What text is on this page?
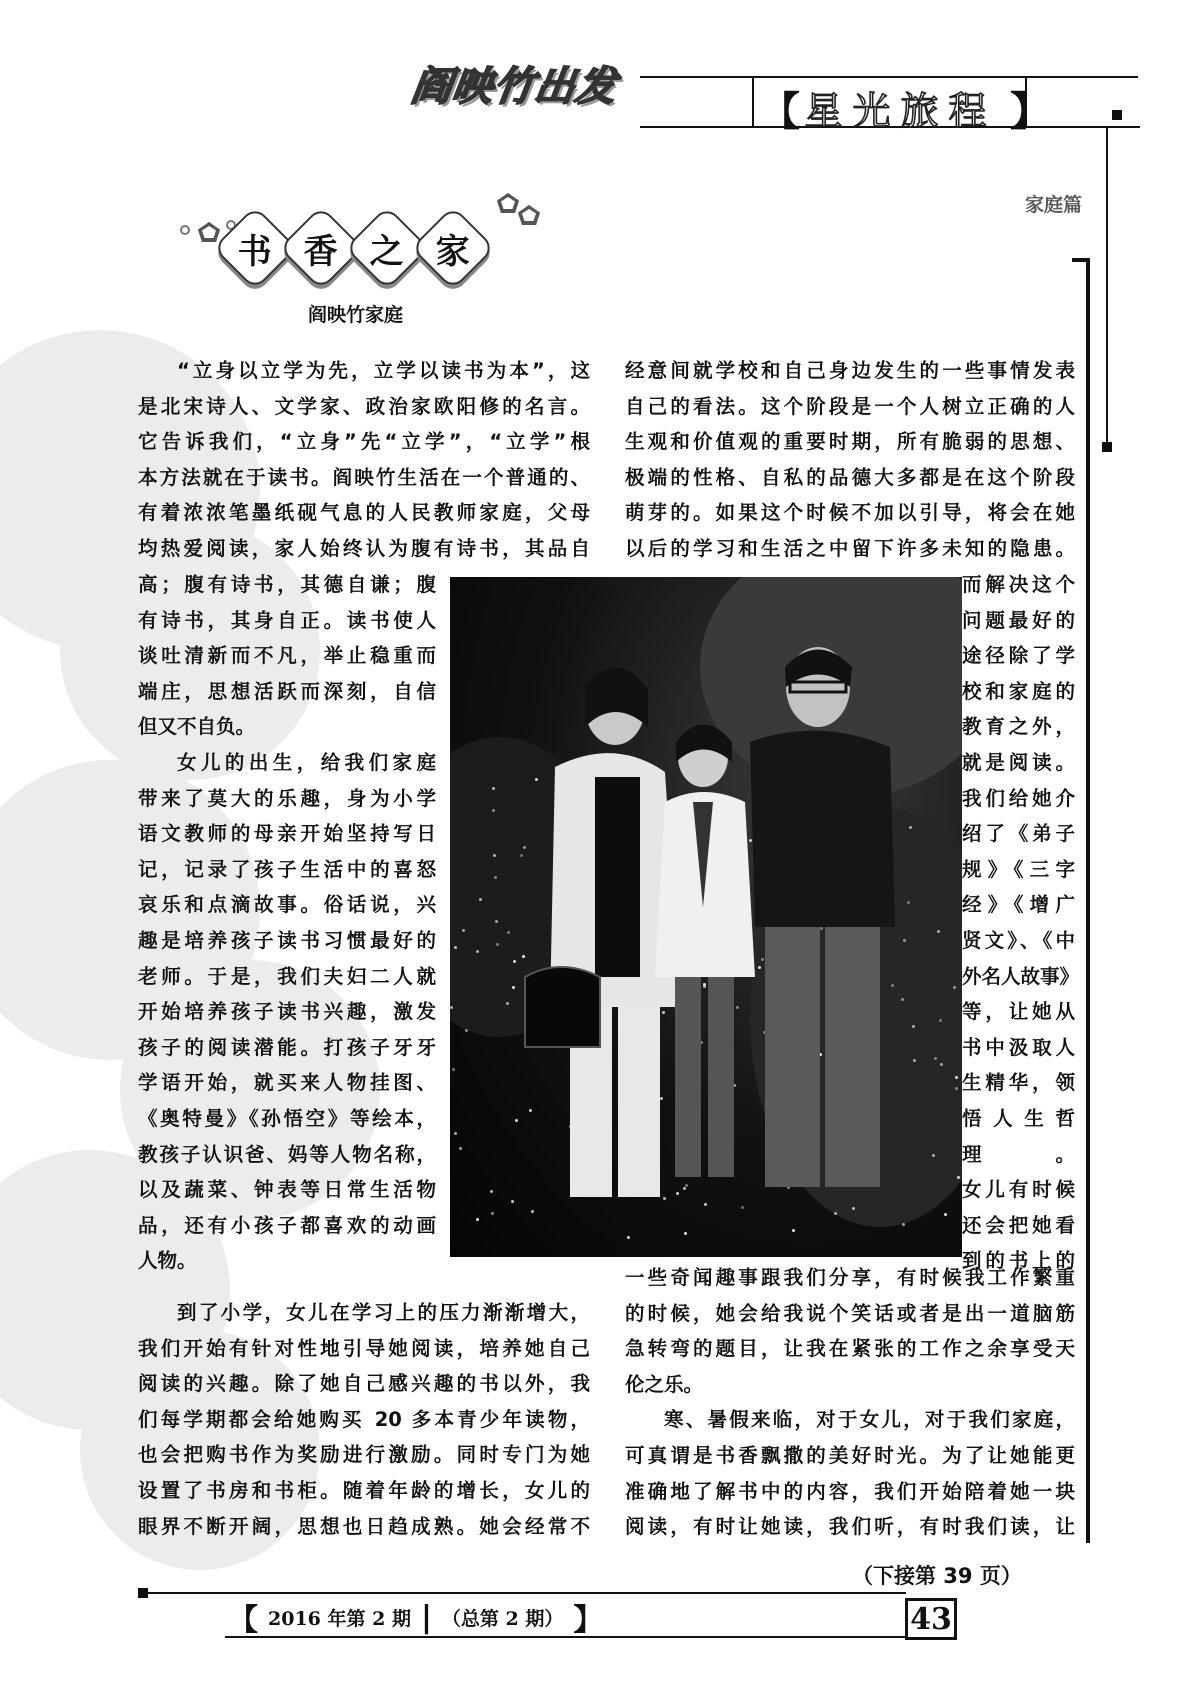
阎映竹出发
【 星光旅程 】
家庭篇
书 香 之 家
阎映竹家庭

“立身以立学为先，立学以读书为本”，这

是北宋诗人、文学家、政治家欧阳修的名言。

它告诉我们，“立身”先“立学”，“立学”根

本方法就在于读书。阎映竹生活在一个普通的、

有着浓浓笔墨纸砚气息的人民教师家庭，父母

均热爱阅读，家人始终认为腹有诗书，其品自

高；腹有诗书，其德自谦；腹

有诗书，其身自正。读书使人

谈吐清新而不凡，举止稳重而

端庄，思想活跃而深刻，自信

但又不自负。

女儿的出生，给我们家庭

带来了莫大的乐趣，身为小学

语文教师的母亲开始坚持写日

记，记录了孩子生活中的喜怒

哀乐和点滴故事。俗话说，兴

趣是培养孩子读书习惯最好的

老师。于是，我们夫妇二人就

开始培养孩子读书兴趣，激发

孩子的阅读潜能。打孩子牙牙

学语开始，就买来人物挂图、

《奥特曼》《孙悟空》等绘本，

教孩子认识爸、妈等人物名称，

以及蔬菜、钟表等日常生活物

品，还有小孩子都喜欢的动画

人物。

到了小学，女儿在学习上的压力渐渐增大，

我们开始有针对性地引导她阅读，培养她自己

阅读的兴趣。除了她自己感兴趣的书以外，我

们每学期都会给她购买 20 多本青少年读物，

也会把购书作为奖励进行激励。同时专门为她

设置了书房和书柜。随着年龄的增长，女儿的

眼界不断开阔，思想也日趋成熟。她会经常不

经意间就学校和自己身边发生的一些事情发表

自己的看法。这个阶段是一个人树立正确的人

生观和价值观的重要时期，所有脆弱的思想、

极端的性格、自私的品德大多都是在这个阶段

萌芽的。如果这个时候不加以引导，将会在她

以后的学习和生活之中留下许多未知的隐患。

而解决这个

问题最好的

途径除了学

校和家庭的

教育之外，

就是阅读。

我们给她介

绍了《弟子

规》《三字

经》《增广

贤文》、《中

外名人故事》

等，让她从

书中汲取人

生精华，领

悟人生哲理。

女儿有时候

还会把她看

到的书上的

一些奇闻趣事跟我们分享，有时候我工作繁重

的时候，她会给我说个笑话或者是出一道脑筋

急转弯的题目，让我在紧张的工作之余享受天

伦之乐。

寒、暑假来临，对于女儿，对于我们家庭，

可真谓是书香飘撒的美好时光。为了让她能更

准确地了解书中的内容，我们开始陪着她一块

阅读，有时让她读，我们听，有时我们读，让

（下接第 39 页）
【 2016 年第 2 期 | （总第 2 期） 】	43
